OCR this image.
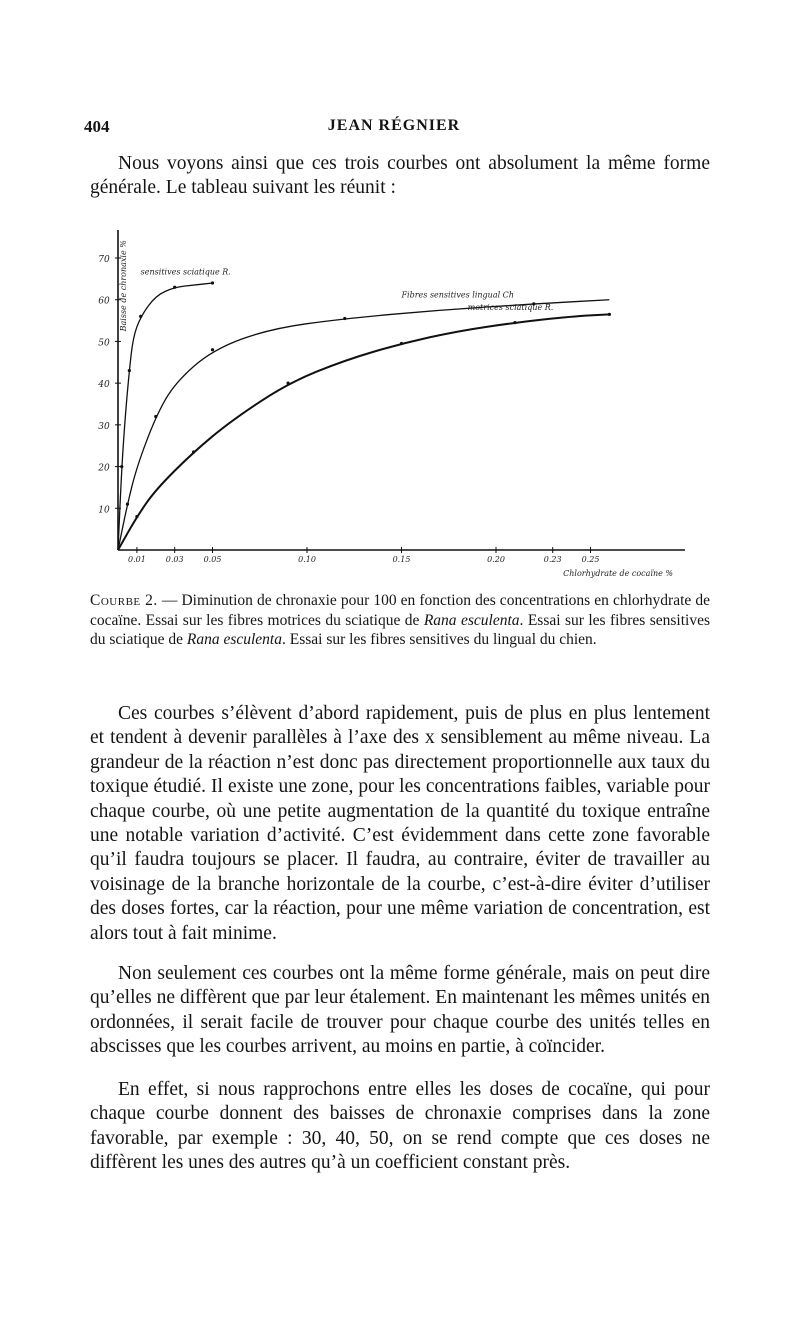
404	JEAN RÉGNIER

Nous voyons ainsi que ces trois courbes ont absolument la même forme générale. Le tableau suivant les réunit :

70
60
50
40
30
20
10
0.01 0.03 0.05	0.10	0.15	0.20	0.23 0.25
sensitives sciatique R.
Fibres sensitives lingual Ch
motrices sciatique R.
Baisse de chronaxie %
Chlorhydrate de cocaïne %

Courbe 2. — Diminution de chronaxie pour 100 en fonction des concentrations en chlorhydrate de cocaïne. Essai sur les fibres motrices du sciatique de Rana esculenta. Essai sur les fibres sensitives du sciatique de Rana esculenta. Essai sur les fibres sensitives du lingual du chien.

Ces courbes s’élèvent d’abord rapidement, puis de plus en plus lentement et tendent à devenir parallèles à l’axe des x sensiblement au même niveau. La grandeur de la réaction n’est donc pas directement proportionnelle aux taux du toxique étudié. Il existe une zone, pour les concentrations faibles, variable pour chaque courbe, où une petite augmentation de la quantité du toxique entraîne une notable variation d’activité. C’est évidemment dans cette zone favorable qu’il faudra toujours se placer. Il faudra, au contraire, éviter de travailler au voisinage de la branche horizontale de la courbe, c’est-à-dire éviter d’utiliser des doses fortes, car la réaction, pour une même variation de concentration, est alors tout à fait minime.

Non seulement ces courbes ont la même forme générale, mais on peut dire qu’elles ne diffèrent que par leur étalement. En maintenant les mêmes unités en ordonnées, il serait facile de trouver pour chaque courbe des unités telles en abscisses que les courbes arrivent, au moins en partie, à coïncider.

En effet, si nous rapprochons entre elles les doses de cocaïne, qui pour chaque courbe donnent des baisses de chronaxie comprises dans la zone favorable, par exemple : 30, 40, 50, on se rend compte que ces doses ne diffèrent les unes des autres qu’à un coefficient constant près.
